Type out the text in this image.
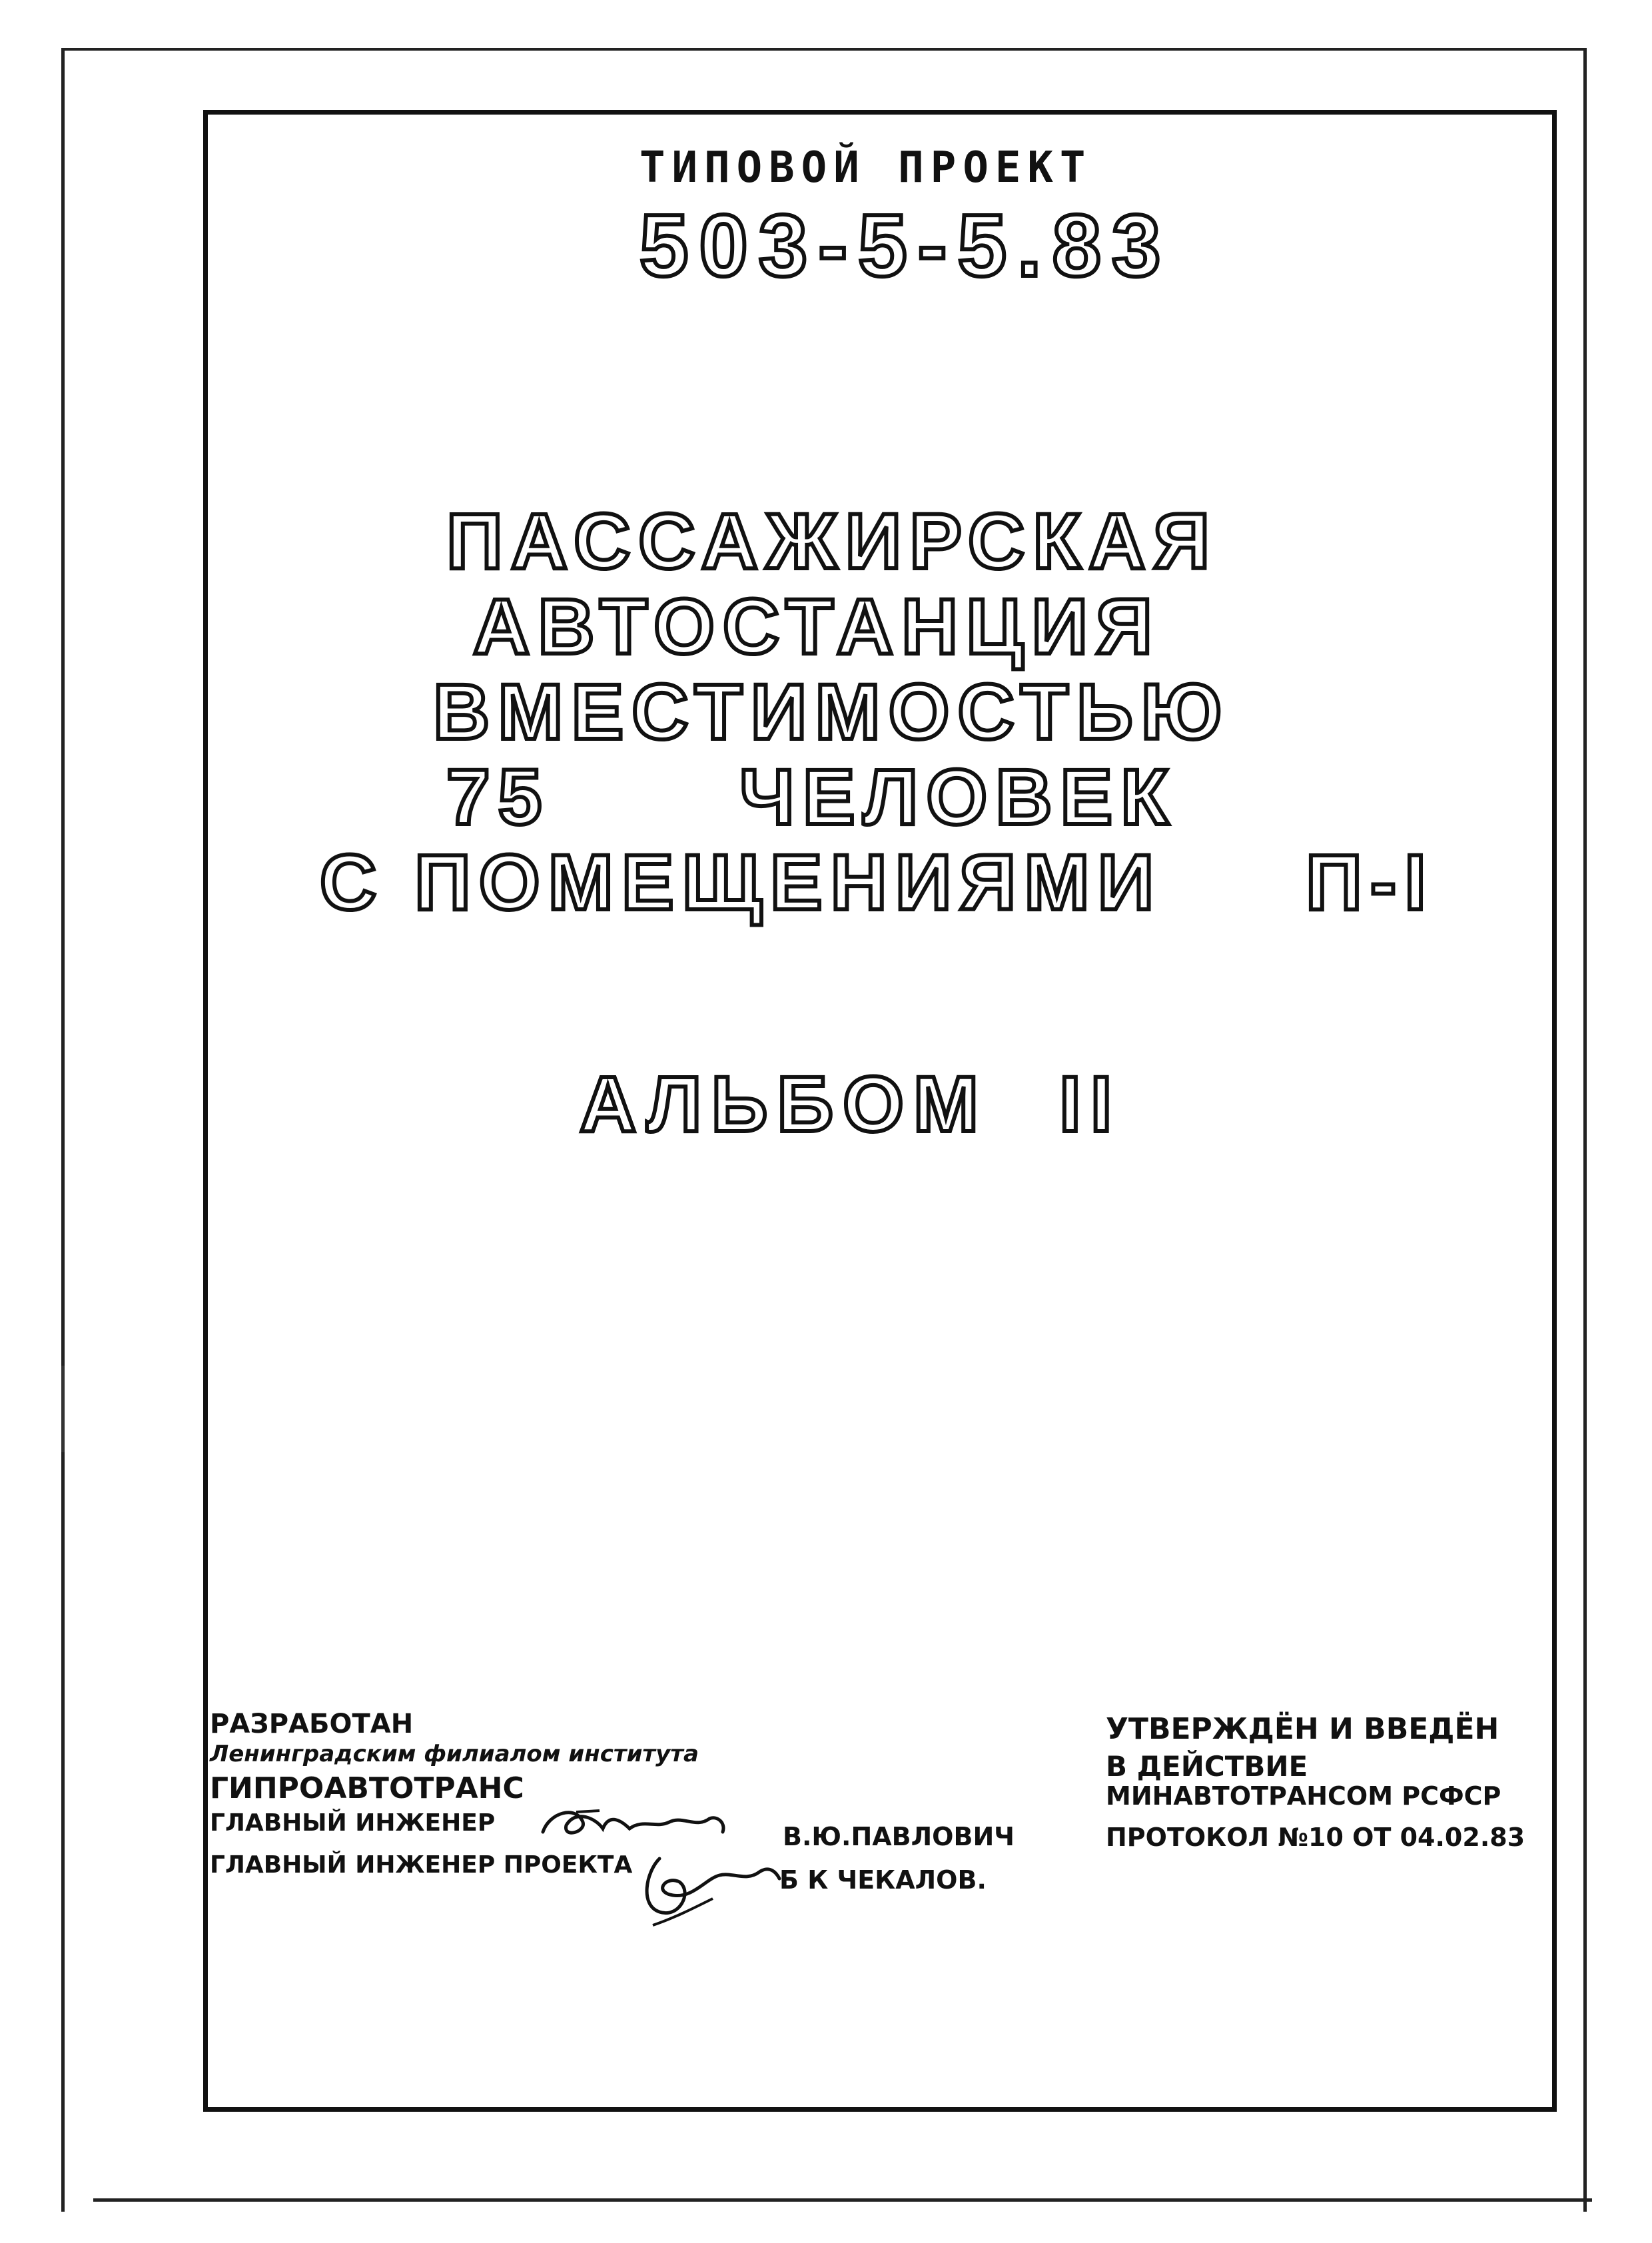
ТИПОВОЙ ПРОЕКТ
503-5-5.83
ПАССАЖИРСКАЯ
АВТОСТАНЦИЯ
ВМЕСТИМОСТЬЮ
75 ЧЕЛОВЕК
С ПОМЕЩЕНИЯМИ П-I
АЛЬБОМ II
РАЗРАБОТАН
Ленинградским филиалом института
ГИПРОАВТОТРАНС
ГЛАВНЫЙ ИНЖЕНЕР
ГЛАВНЫЙ ИНЖЕНЕР ПРОЕКТА
В.Ю.ПАВЛОВИЧ
Б К ЧЕКАЛОВ.
УТВЕРЖДЁН И ВВЕДЁН
В ДЕЙСТВИЕ
МИНАВТОТРАНСОМ РСФСР
ПРОТОКОЛ №10 ОТ 04.02.83
